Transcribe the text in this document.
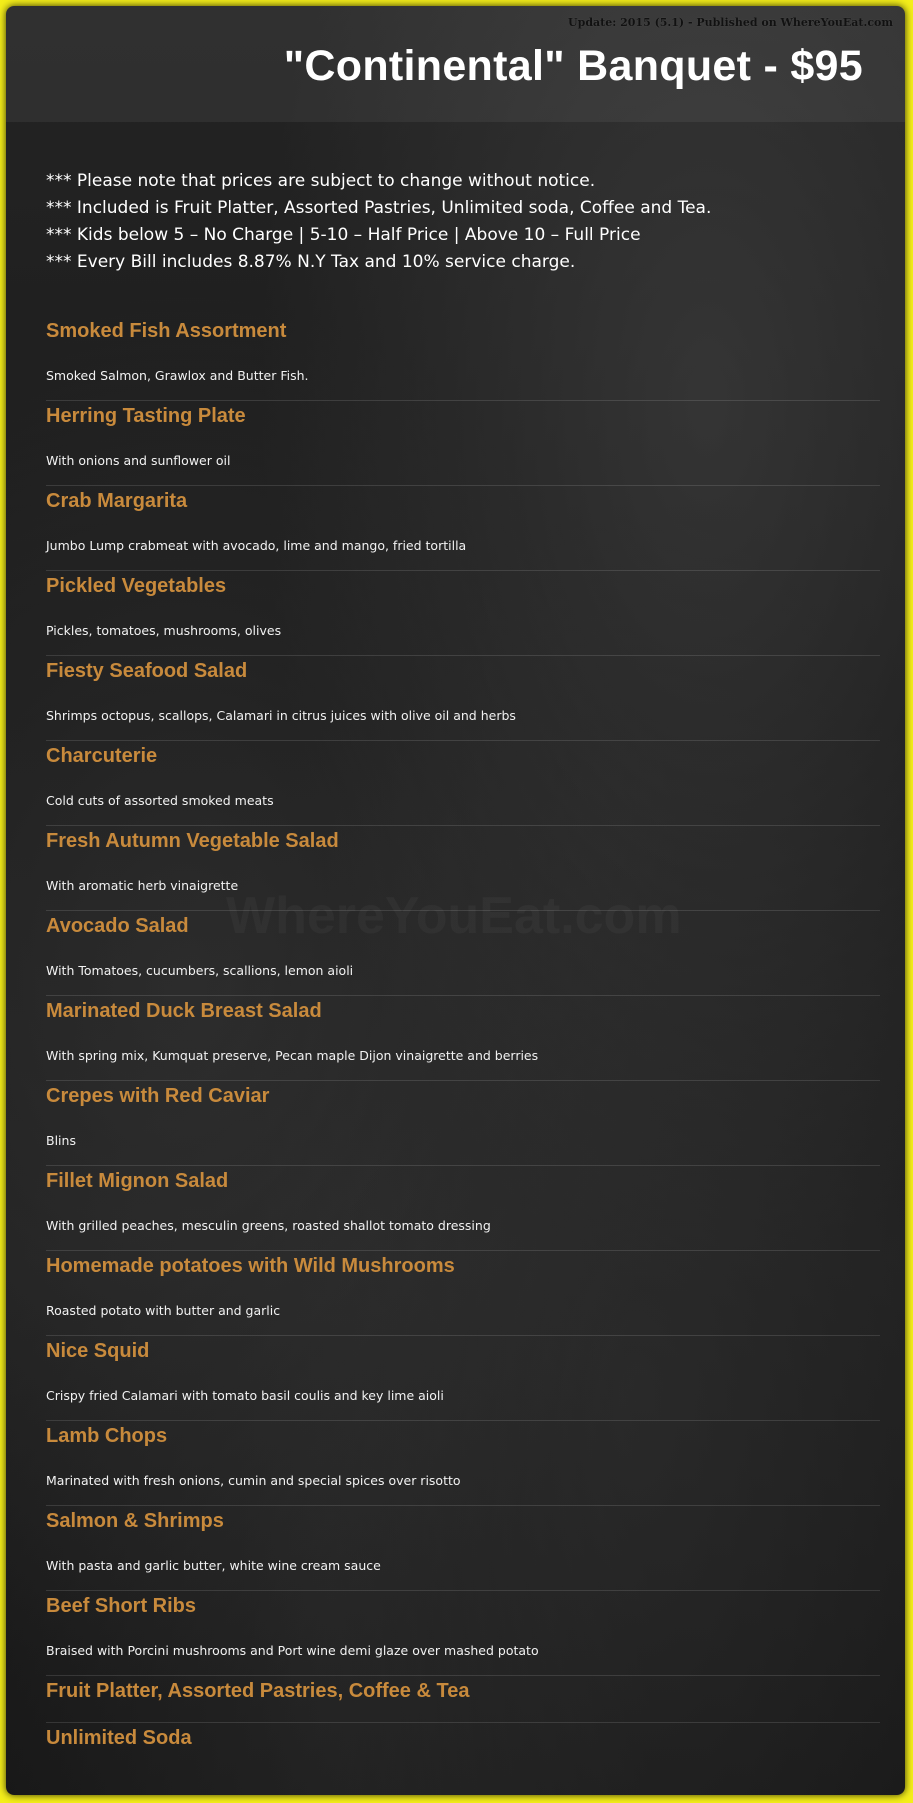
Update: 2015 (5.1) - Published on WhereYouEat.com
"Continental" Banquet - $95
*** Please note that prices are subject to change without notice.
*** Included is Fruit Platter, Assorted Pastries, Unlimited soda, Coffee and Tea.
*** Kids below 5 – No Charge | 5-10 – Half Price | Above 10 – Full Price
*** Every Bill includes 8.87% N.Y Tax and 10% service charge.
Smoked Fish Assortment

Smoked Salmon, Grawlox and Butter Fish.

Herring Tasting Plate

With onions and sunflower oil

Crab Margarita

Jumbo Lump crabmeat with avocado, lime and mango, fried tortilla

Pickled Vegetables

Pickles, tomatoes, mushrooms, olives

Fiesty Seafood Salad

Shrimps octopus, scallops, Calamari in citrus juices with olive oil and herbs

Charcuterie

Cold cuts of assorted smoked meats

Fresh Autumn Vegetable Salad

With aromatic herb vinaigrette

Avocado Salad

With Tomatoes, cucumbers, scallions, lemon aioli

Marinated Duck Breast Salad

With spring mix, Kumquat preserve, Pecan maple Dijon vinaigrette and berries

Crepes with Red Caviar

Blins

Fillet Mignon Salad

With grilled peaches, mesculin greens, roasted shallot tomato dressing

Homemade potatoes with Wild Mushrooms

Roasted potato with butter and garlic

Nice Squid

Crispy fried Calamari with tomato basil coulis and key lime aioli

Lamb Chops

Marinated with fresh onions, cumin and special spices over risotto

Salmon & Shrimps

With pasta and garlic butter, white wine cream sauce

Beef Short Ribs

Braised with Porcini mushrooms and Port wine demi glaze over mashed potato

Fruit Platter, Assorted Pastries, Coffee & Tea
Unlimited Soda
